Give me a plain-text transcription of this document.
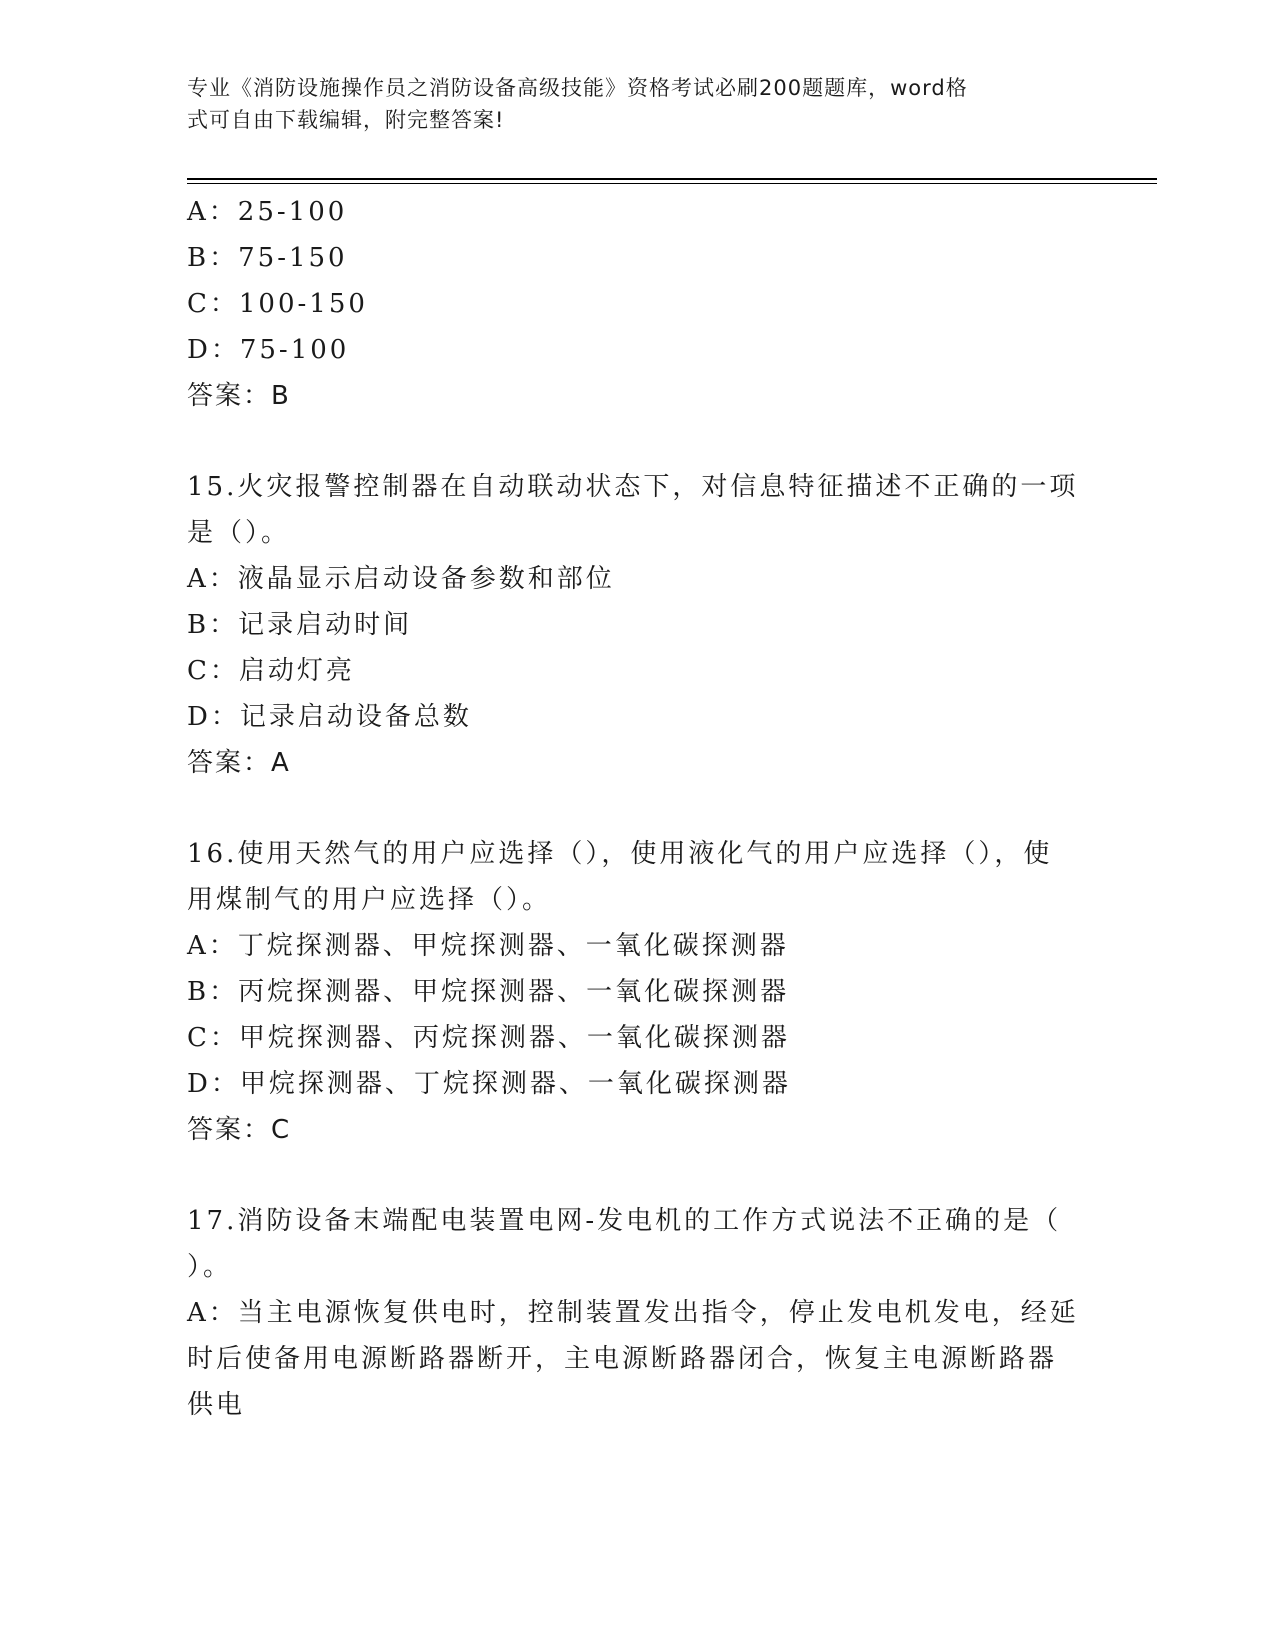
专业《消防设施操作员之消防设备高级技能》资格考试必刷200题题库，word格
式可自由下载编辑，附完整答案!
A：25-100
B：75-150
C：100-150
D：75-100
答案：B
15.火灾报警控制器在自动联动状态下，对信息特征描述不正确的一项
是（）。
A：液晶显示启动设备参数和部位
B：记录启动时间
C：启动灯亮
D：记录启动设备总数
答案：A
16.使用天然气的用户应选择（），使用液化气的用户应选择（），使
用煤制气的用户应选择（）。
A：丁烷探测器、甲烷探测器、一氧化碳探测器
B：丙烷探测器、甲烷探测器、一氧化碳探测器
C：甲烷探测器、丙烷探测器、一氧化碳探测器
D：甲烷探测器、丁烷探测器、一氧化碳探测器
答案：C
17.消防设备末端配电装置电网-发电机的工作方式说法不正确的是（
）。
A：当主电源恢复供电时，控制装置发出指令，停止发电机发电，经延
时后使备用电源断路器断开，主电源断路器闭合，恢复主电源断路器
供电
